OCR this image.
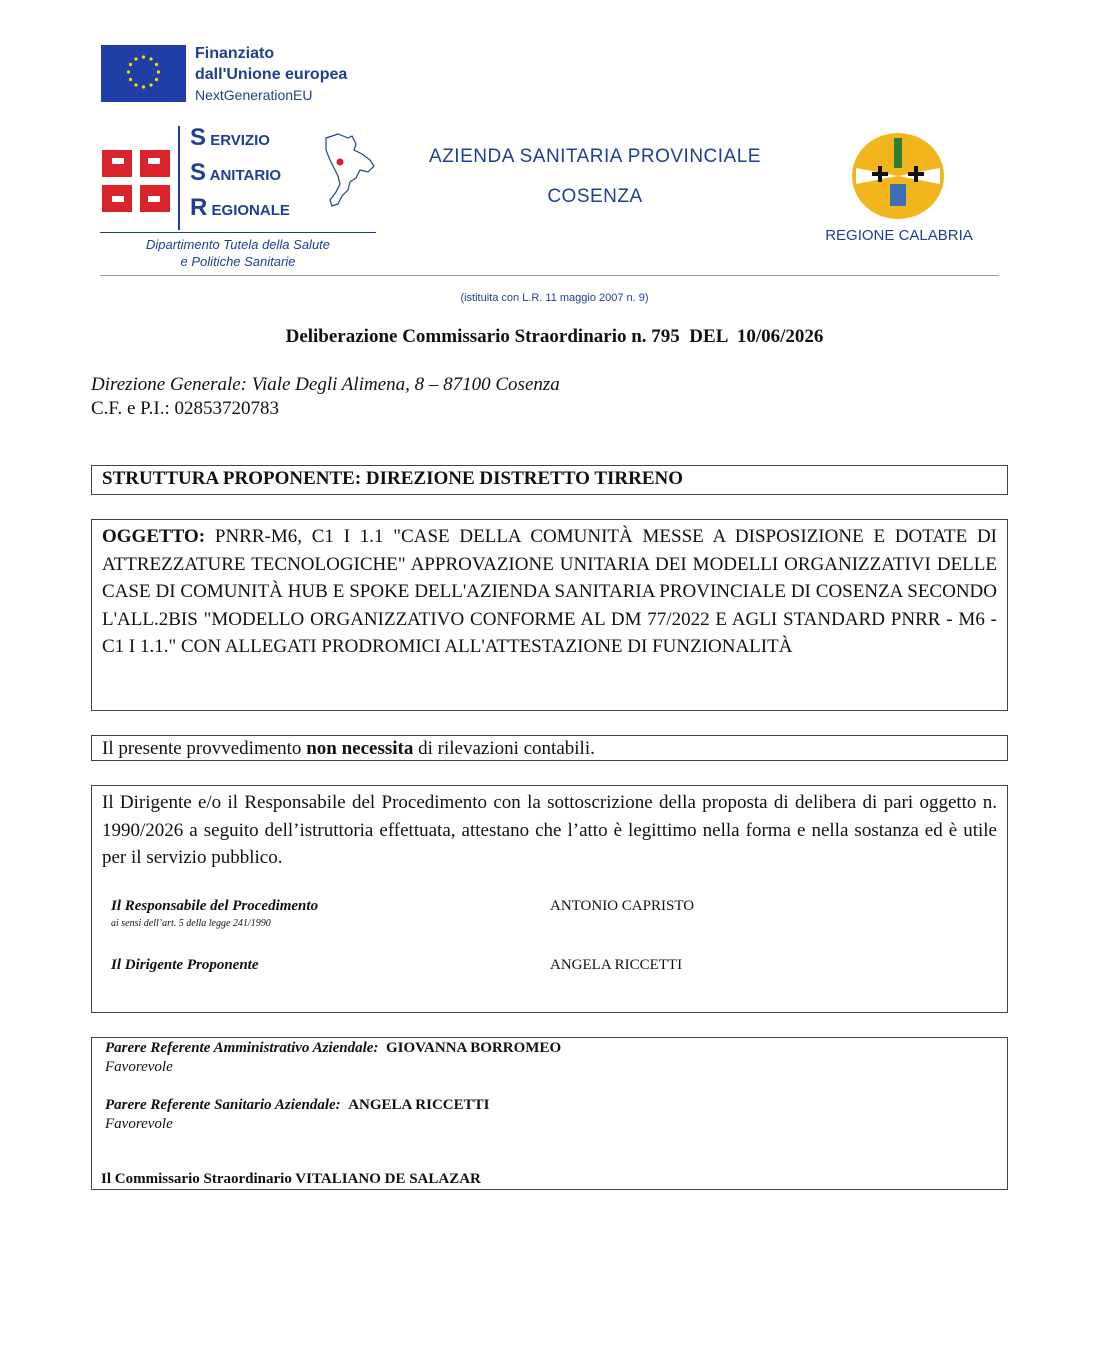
Finanziato
dall'Unione europea
NextGenerationEU
S ERVIZIO
S ANITARIO
R EGIONALE
Dipartimento Tutela della Salute
e Politiche Sanitarie
AZIENDA SANITARIA PROVINCIALE
COSENZA
REGIONE CALABRIA
(istituita con L.R. 11 maggio 2007 n. 9)
Deliberazione Commissario Straordinario n. 795  DEL  10/06/2026
Direzione Generale: Viale Degli Alimena, 8 – 87100 Cosenza
C.F. e P.I.: 02853720783
STRUTTURA PROPONENTE: DIREZIONE DISTRETTO TIRRENO
OGGETTO: PNRR-M6, C1 I 1.1 "CASE DELLA COMUNITÀ MESSE A DISPOSIZIONE E DOTATE DI ATTREZZATURE TECNOLOGICHE" APPROVAZIONE UNITARIA DEI MODELLI ORGANIZZATIVI DELLE CASE DI COMUNITÀ HUB E SPOKE DELL'AZIENDA SANITARIA PROVINCIALE DI COSENZA SECONDO L'ALL.2BIS "MODELLO ORGANIZZATIVO CONFORME AL DM 77/2022 E AGLI STANDARD PNRR - M6 - C1 I 1.1." CON ALLEGATI PRODROMICI ALL'ATTESTAZIONE DI FUNZIONALITÀ
Il presente provvedimento non necessita di rilevazioni contabili.
Il Dirigente e/o il Responsabile del Procedimento con la sottoscrizione della proposta di delibera di pari oggetto n. 1990/2026 a seguito dell’istruttoria effettuata, attestano che l’atto è legittimo nella forma e nella sostanza ed è utile per il servizio pubblico.
Il Responsabile del Procedimento
ai sensi dell’art. 5 della legge 241/1990
ANTONIO CAPRISTO
Il Dirigente Proponente	ANGELA RICCETTI
Parere Referente Amministrativo Aziendale: GIOVANNA BORROMEO
Favorevole
Parere Referente Sanitario Aziendale: ANGELA RICCETTI
Favorevole
Il Commissario Straordinario VITALIANO DE SALAZAR
